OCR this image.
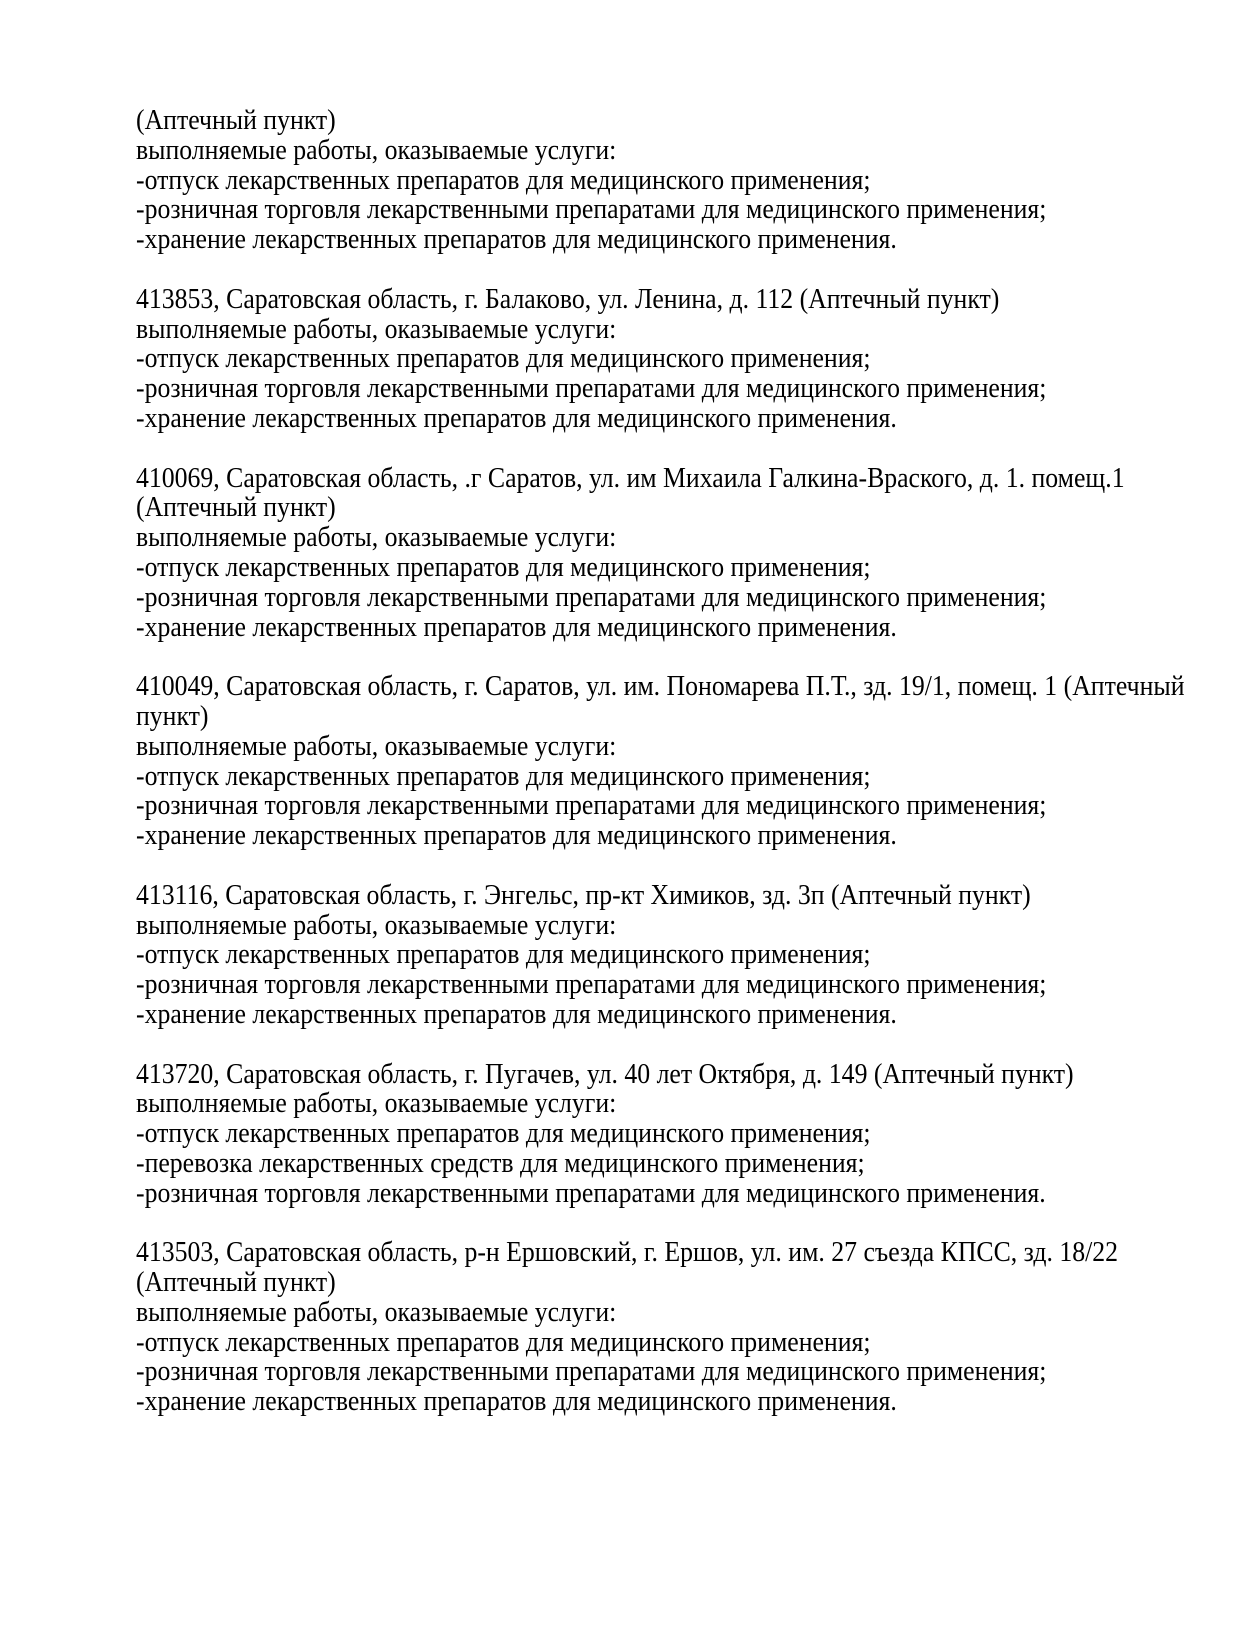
(Аптечный пункт)
выполняемые работы, оказываемые услуги:
-отпуск лекарственных препаратов для медицинского применения;
-розничная торговля лекарственными препаратами для медицинского применения;
-хранение лекарственных препаратов для медицинского применения.
413853, Саратовская область, г. Балаково, ул. Ленина, д. 112 (Аптечный пункт)
выполняемые работы, оказываемые услуги:
-отпуск лекарственных препаратов для медицинского применения;
-розничная торговля лекарственными препаратами для медицинского применения;
-хранение лекарственных препаратов для медицинского применения.
410069, Саратовская область, .г Саратов, ул. им Михаила Галкина-Враского, д. 1. помещ.1
(Аптечный пункт)
выполняемые работы, оказываемые услуги:
-отпуск лекарственных препаратов для медицинского применения;
-розничная торговля лекарственными препаратами для медицинского применения;
-хранение лекарственных препаратов для медицинского применения.
410049, Саратовская область, г. Саратов, ул. им. Пономарева П.Т., зд. 19/1, помещ. 1 (Аптечный
пункт)
выполняемые работы, оказываемые услуги:
-отпуск лекарственных препаратов для медицинского применения;
-розничная торговля лекарственными препаратами для медицинского применения;
-хранение лекарственных препаратов для медицинского применения.
413116, Саратовская область, г. Энгельс, пр-кт Химиков, зд. 3п (Аптечный пункт)
выполняемые работы, оказываемые услуги:
-отпуск лекарственных препаратов для медицинского применения;
-розничная торговля лекарственными препаратами для медицинского применения;
-хранение лекарственных препаратов для медицинского применения.
413720, Саратовская область, г. Пугачев, ул. 40 лет Октября, д. 149 (Аптечный пункт)
выполняемые работы, оказываемые услуги:
-отпуск лекарственных препаратов для медицинского применения;
-перевозка лекарственных средств для медицинского применения;
-розничная торговля лекарственными препаратами для медицинского применения.
413503, Саратовская область, р-н Ершовский, г. Ершов, ул. им. 27 съезда КПСС, зд. 18/22
(Аптечный пункт)
выполняемые работы, оказываемые услуги:
-отпуск лекарственных препаратов для медицинского применения;
-розничная торговля лекарственными препаратами для медицинского применения;
-хранение лекарственных препаратов для медицинского применения.
